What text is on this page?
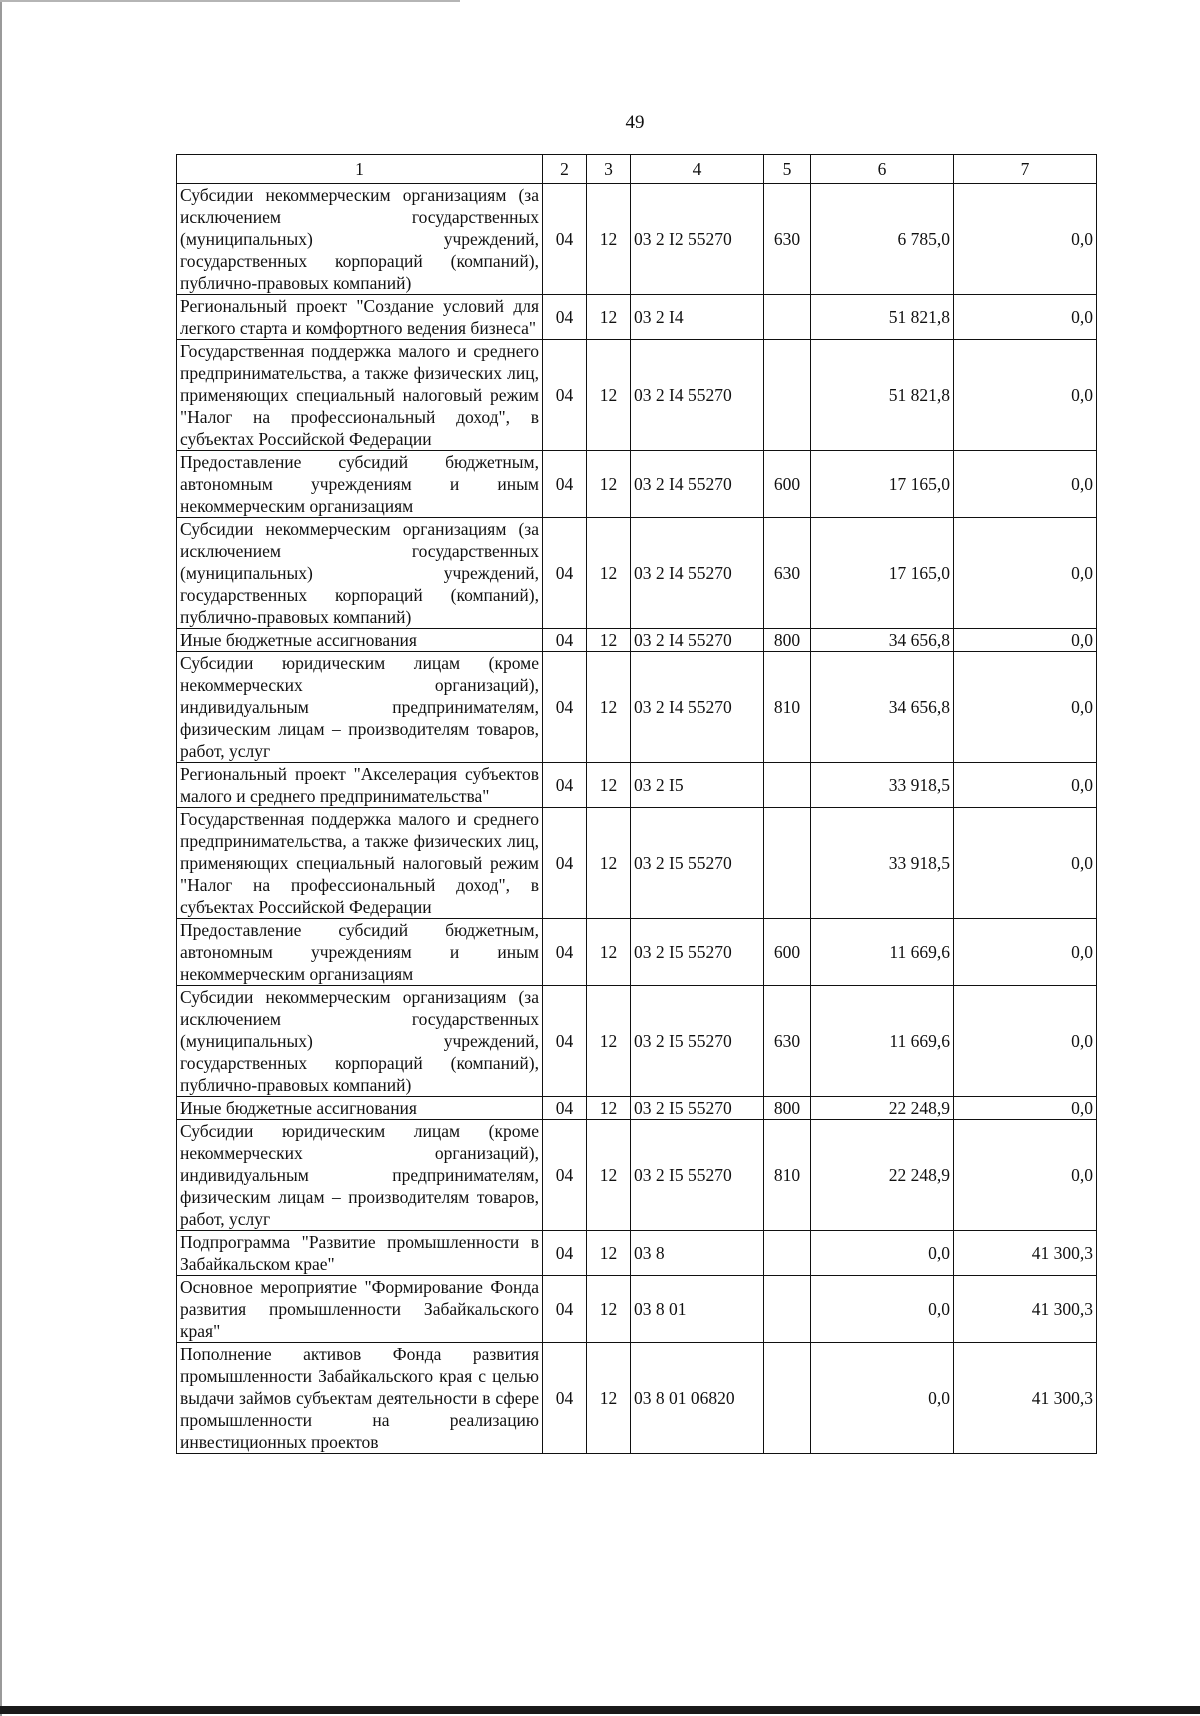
49
1	2	3	4	5	6	7
Субсидии некоммерческим организациям (за исключением государственных (муниципальных) учреждений, государственных корпораций (компаний), публично-правовых компаний)	04	12	03 2 I2 55270	630	6 785,0	0,0
Региональный проект "Создание условий для легкого старта и комфортного ведения бизнеса"	04	12	03 2 I4		51 821,8	0,0
Государственная поддержка малого и среднего предпринимательства, а также физических лиц, применяющих специальный налоговый режим "Налог на профессиональный доход", в субъектах Российской Федерации	04	12	03 2 I4 55270		51 821,8	0,0
Предоставление субсидий бюджетным, автономным учреждениям и иным некоммерческим организациям	04	12	03 2 I4 55270	600	17 165,0	0,0
Субсидии некоммерческим организациям (за исключением государственных (муниципальных) учреждений, государственных корпораций (компаний), публично-правовых компаний)	04	12	03 2 I4 55270	630	17 165,0	0,0
Иные бюджетные ассигнования	04	12	03 2 I4 55270	800	34 656,8	0,0
Субсидии юридическим лицам (кроме некоммерческих организаций), индивидуальным предпринимателям, физическим лицам – производителям товаров, работ, услуг	04	12	03 2 I4 55270	810	34 656,8	0,0
Региональный проект "Акселерация субъектов малого и среднего предпринимательства"	04	12	03 2 I5		33 918,5	0,0
Государственная поддержка малого и среднего предпринимательства, а также физических лиц, применяющих специальный налоговый режим "Налог на профессиональный доход", в субъектах Российской Федерации	04	12	03 2 I5 55270		33 918,5	0,0
Предоставление субсидий бюджетным, автономным учреждениям и иным некоммерческим организациям	04	12	03 2 I5 55270	600	11 669,6	0,0
Субсидии некоммерческим организациям (за исключением государственных (муниципальных) учреждений, государственных корпораций (компаний), публично-правовых компаний)	04	12	03 2 I5 55270	630	11 669,6	0,0
Иные бюджетные ассигнования	04	12	03 2 I5 55270	800	22 248,9	0,0
Субсидии юридическим лицам (кроме некоммерческих организаций), индивидуальным предпринимателям, физическим лицам – производителям товаров, работ, услуг	04	12	03 2 I5 55270	810	22 248,9	0,0
Подпрограмма "Развитие промышленности в Забайкальском крае"	04	12	03 8		0,0	41 300,3
Основное мероприятие "Формирование Фонда развития промышленности Забайкальского края"	04	12	03 8 01		0,0	41 300,3
Пополнение активов Фонда развития промышленности Забайкальского края с целью выдачи займов субъектам деятельности в сфере промышленности на реализацию инвестиционных проектов	04	12	03 8 01 06820		0,0	41 300,3
